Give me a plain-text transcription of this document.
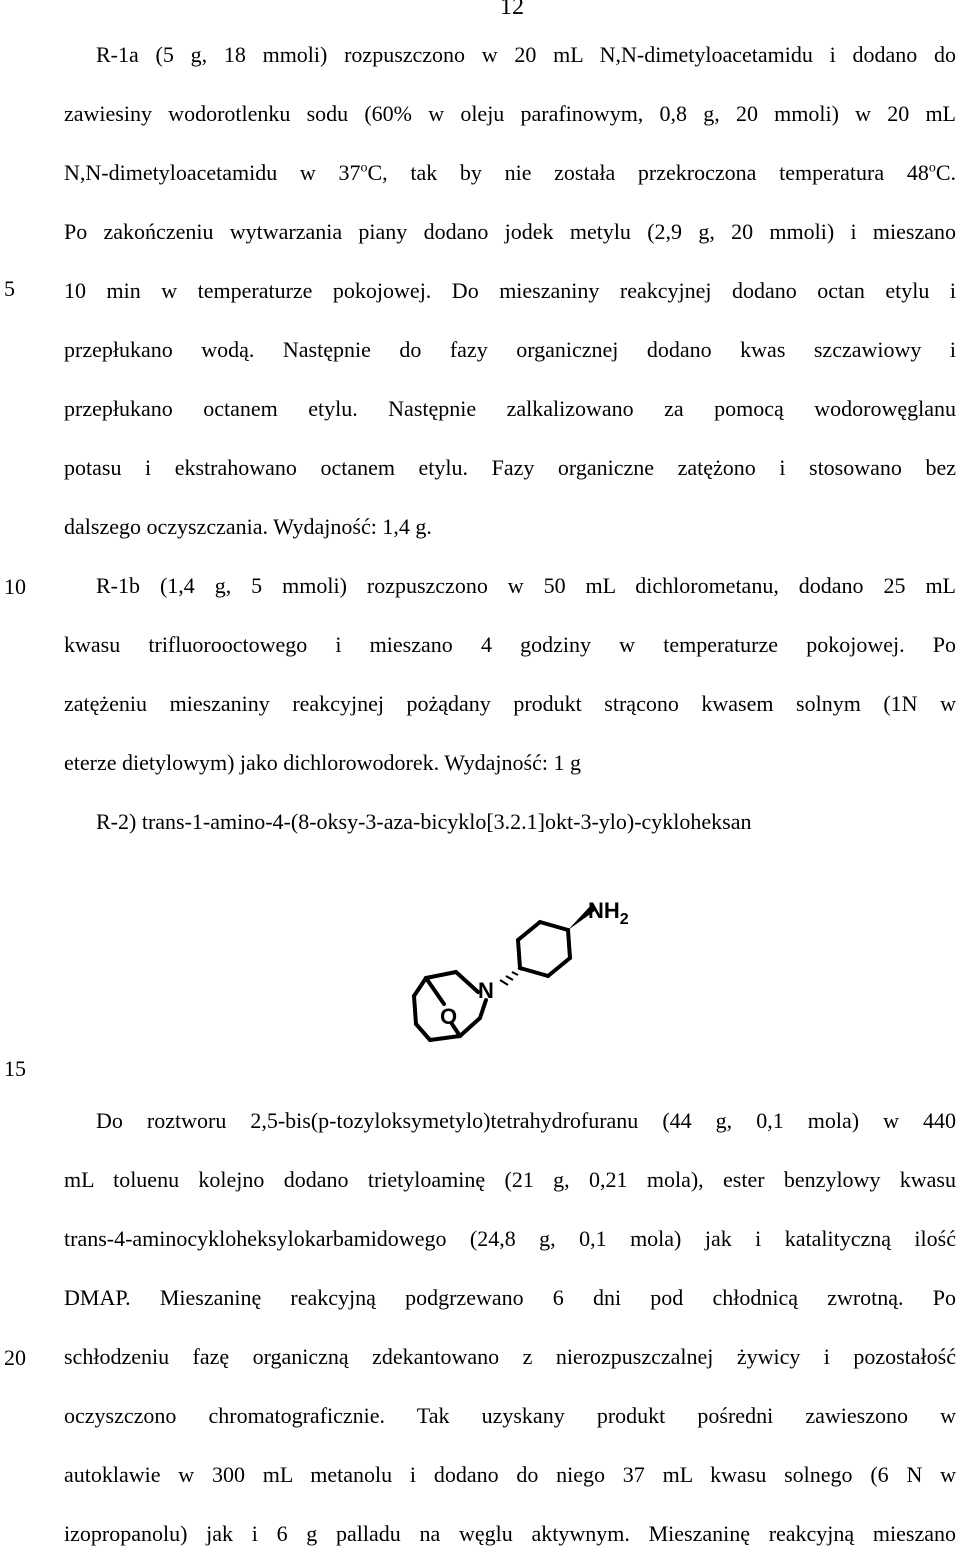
12
5
10
15
20
R-1a (5 g, 18 mmoli) rozpuszczono w 20 mL N,N-dimetyloacetamidu i dodano do
zawiesiny wodorotlenku sodu (60% w oleju parafinowym, 0,8 g, 20 mmoli) w 20 mL
N,N-dimetyloacetamidu w 37$^o$C, tak by nie została przekroczona temperatura 48$^o$C.
Po zakończeniu wytwarzania piany dodano jodek metylu (2,9 g, 20 mmoli) i mieszano
10 min w temperaturze pokojowej. Do mieszaniny reakcyjnej dodano octan etylu i
przepłukano wodą. Następnie do fazy organicznej dodano kwas szczawiowy i
przepłukano octanem etylu. Następnie zalkalizowano za pomocą wodorowęglanu
potasu i ekstrahowano octanem etylu. Fazy organiczne zatężono i stosowano bez
dalszego oczyszczania. Wydajność: 1,4 g.
R-1b (1,4 g, 5 mmoli) rozpuszczono w 50 mL dichlorometanu, dodano 25 mL
kwasu trifluorooctowego i mieszano 4 godziny w temperaturze pokojowej. Po
zatężeniu mieszaniny reakcyjnej pożądany produkt strącono kwasem solnym (1N w
eterze dietylowym) jako dichlorowodorek. Wydajność: 1 g
R-2) trans-1-amino-4-(8-oksy-3-aza-bicyklo[3.2.1]okt-3-ylo)-cykloheksan
$NH_2$
N
O
Do roztworu 2,5-bis(p-tozyloksymetylo)tetrahydrofuranu (44 g, 0,1 mola) w 440
mL toluenu kolejno dodano trietyloaminę (21 g, 0,21 mola), ester benzylowy kwasu
trans-4-aminocykloheksylokarbamidowego (24,8 g, 0,1 mola) jak i katalityczną ilość
DMAP. Mieszaninę reakcyjną podgrzewano 6 dni pod chłodnicą zwrotną. Po
schłodzeniu fazę organiczną zdekantowano z nierozpuszczalnej żywicy i pozostałość
oczyszczono chromatograficznie. Tak uzyskany produkt pośredni zawieszono w
autoklawie w 300 mL metanolu i dodano do niego 37 mL kwasu solnego (6 N w
izopropanolu) jak i 6 g palladu na węglu aktywnym. Mieszaninę reakcyjną mieszano
